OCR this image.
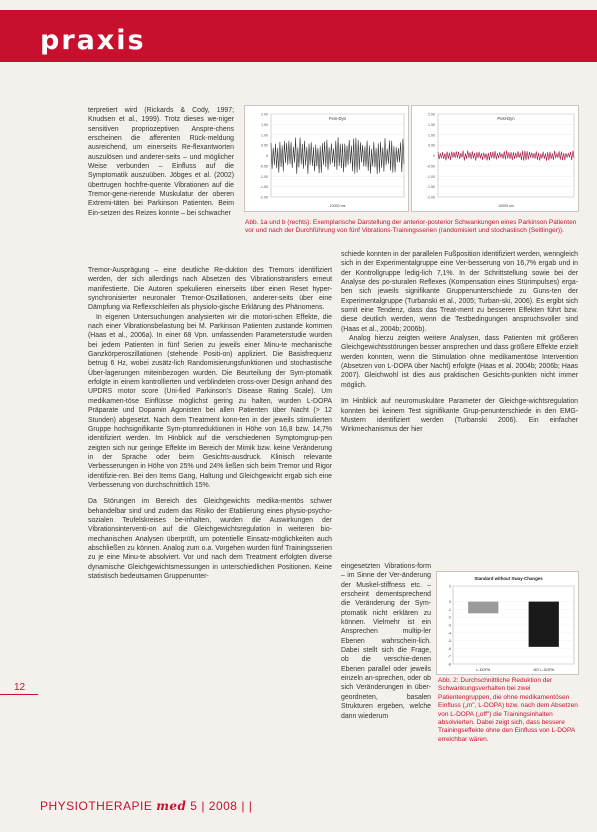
praxis

terpretiert wird (Rickards & Cody, 1997; Knudsen et al., 1999). Trotz dieses we-niger sensitiven propriozeptiven Anspre-chens erscheinen die afferenten Rück-meldung ausreichend, um einerseits Re-flexantworten auszulösen und anderer-seits – und möglicher Weise verbunden – Einfluss auf die Symptomatik auszuüben. Jöbges et al. (2002) übertrugen hochfre-quente Vibrationen auf die Tremor-gene-rierende Muskulatur der oberen Extremi-täten bei Parkinson Patienten. Beim Ein-setzen des Reizes konnte – bei schwacher

Tremor-Ausprägung – eine deutliche Re-duktion des Tremors identifiziert werden, der sich allerdings nach Absetzen des Vibrationstransfers erneut manifestierte. Die Autoren spekulieren einerseits über einen Reset hyper-synchronisierter neuronaler Tremor-Oszillationen, anderer-seits über eine Dämpfung via Reflexschleifen als physiolo-gische Erklärung des Phänomens.

In eigenen Untersuchungen analysierten wir die motori-schen Effekte, die nach einer Vibrationsbelastung bei M. Parkinson Patienten zustande kommen (Haas et al., 2006a). In einer 68 Vpn. umfassenden Parameterstudie wurden bei jedem Patienten in fünf Serien zu jeweils einer Minu-te mechanische Ganzkörperoszillationen (stehende Positi-on) appliziert. Die Basisfrequenz betrug 6 Hz, wobei zusätz-lich Randomisierungsfunktionen und stochastische Über-lagerungen miteinbezogen wurden. Die Beurteilung der Sym-ptomatik erfolgte in einem kontrollierten und verblindeten cross-over Design anhand des UPDRS motor score (Uni-fied Parkinson's Disease Rating Scale). Um medikamen-töse Einflüsse möglichst gering zu halten, wurden L-DOPA Präparate und Dopamin Agonisten bei allen Patienten über Nacht (> 12 Stunden) abgesetzt. Nach dem Treatment konn-ten in der jeweils stimulierten Gruppe hochsignifikante Sym-ptomreduktionen in Höhe von 16,8 bzw. 14,7% identifiziert werden. Im Hinblick auf die verschiedenen Symptomgrup-pen zeigten sich nur geringe Effekte im Bereich der Mimik bzw. keine Veränderung in der Sprache oder beim Gesichts-ausdruck. Klinisch relevante Verbesserungen in Höhe von 25% und 24% ließen sich beim Tremor und Rigor identifizie-ren. Bei den Items Gang, Haltung und Gleichgewicht ergab sich eine Verbesserung von durchschnittlich 15%.

Da Störungen im Bereich des Gleichgewichts medika-mentös schwer behandelbar sind und zudem das Risiko der Etablierung eines physio-psycho-sozialen Teufelskreises be-inhalten, wurden die Auswirkungen der Vibrationsinterventi-on auf die Gleichgewichtsregulation in weiteren bio-mechanischen Analysen überprüft, um potentielle Einsatz-möglichkeiten auch abschließen zu können. Analog zum o.a. Vorgehen wurden fünf Trainingsserien zu je eine Minu-te absolviert. Vor und nach dem Treatment erfolgten diverse dynamische Gleichgewichtsmessungen in unterschiedlichen Positionen. Keine statistisch bedeutsamen Gruppenunter-

2.00
1.50
1.00
0.50
0
-0.50
-1.00
-1.50
-2.00
Fein-Dyn
10000 ms
2.00
1.50
1.00
0.50
0
-0.50
-1.00
-1.50
-2.00
Post-Dyn
10000 ms
Abb. 1a und b (rechts): Exemplarische Darstellung der anterior-posterior Schwankungen eines Parkinson Patienten vor und nach der Durchführung von fünf Vibrations-Trainingsserien (randomisiert und stochastisch (Seitlinger)).

schiede konnten in der parallelen Fußposition identifiziert werden, wenngleich sich in der Experimentalgruppe eine Ver-besserung von 16,7% ergab und in der Kontrollgruppe ledig-lich 7,1%. In der Schrittstellung sowie bei der Analyse des po-sturalen Reflexes (Kompensation eines Stürimpulses) erga-ben sich jeweils signifikante Gruppenunterschiede zu Guns-ten der Experimentalgruppe (Turbanski et al., 2005; Turban-ski, 2006). Es ergibt sich somit eine Tendenz, dass das Treat-ment zu besseren Effekten führt bzw. diese deutlich werden, wenn die Testbedingungen anspruchsvoller sind (Haas et al., 2004b; 2006b).

Analog hierzu zeigten weitere Analysen, dass Patienten mit größeren Gleichgewichtsstörungen besser ansprechen und dass größere Effekte erzielt werden konnten, wenn die Stimulation ohne medikamentöse Intervention (Absetzen von L-DOPA über Nacht) erfolgte (Haas et al. 2004b; 2006b; Haas 2007). Gleichwohl ist dies aus praktischen Gesichts-punkten nicht immer möglich.

Im Hinblick auf neuromuskuläre Parameter der Gleichge-wichtsregulation konnten bei keinem Test signifikante Grup-penunterschiede in den EMG-Mustern identifiziert werden (Turbanski 2006). Ein einfacher Wirkmechanismus der hier

eingesetzten Vibrations-form – im Sinne der Ver-änderung der Muskel-stiffness etc. – erscheint dementsprechend die Veränderung der Sym-ptomatik nicht erklären zu können. Vielmehr ist ein Ansprechen multip-ler Ebenen wahrschein-lich. Dabei stellt sich die Frage, ob die verschie-denen Ebenen parallel oder jeweils einzeln an-sprechen, oder ob sich Veränderungen in über-geordneten, basalen Strukturen ergeben, welche dann wiederum

Standard without Sway-Changes
2
0
-1
-2
-3
-4
-5
-6
-7
-8
L-DOPA	NO L-DOPA
Abb. 2: Durchschnittliche Reduktion der Schwankungsverhalten bei zwei Patientengruppen, die ohne medikamentösen Einfluss („m", L-DOPA) bzw. nach dem Absetzen von L-DOPA („off") die Trainingsinhalten absolvierten. Dabei zeigt sich, dass bessere Trainingseffekte ohne den Einfluss von L-DOPA erreichbar wären.
12
PHYSIOTHERAPIE med 5 | 2008 | |
